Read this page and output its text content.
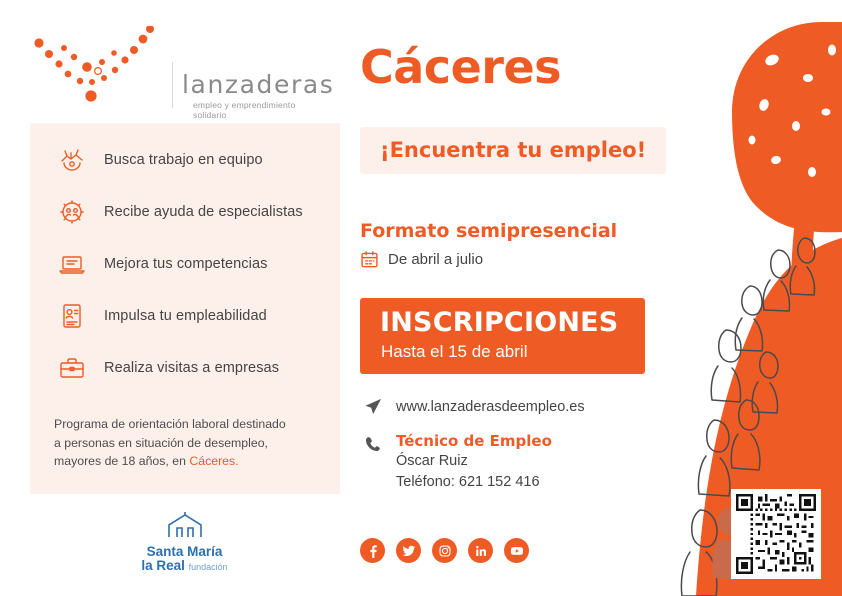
lanzaderas
empleo y emprendimiento solidario
Busca trabajo en equipo
Recibe ayuda de especialistas
Mejora tus competencias
Impulsa tu empleabilidad
Realiza visitas a empresas
Programa de orientación laboral destinado
a personas en situación de desempleo,
mayores de 18 años, en Cáceres.
Santa María
la Real fundación
Cáceres
¡Encuentra tu empleo!
Formato semipresencial
De abril a julio
INSCRIPCIONES
Hasta el 15 de abril
www.lanzaderasdeempleo.es
Técnico de Empleo
Óscar Ruiz
Teléfono: 621 152 416
